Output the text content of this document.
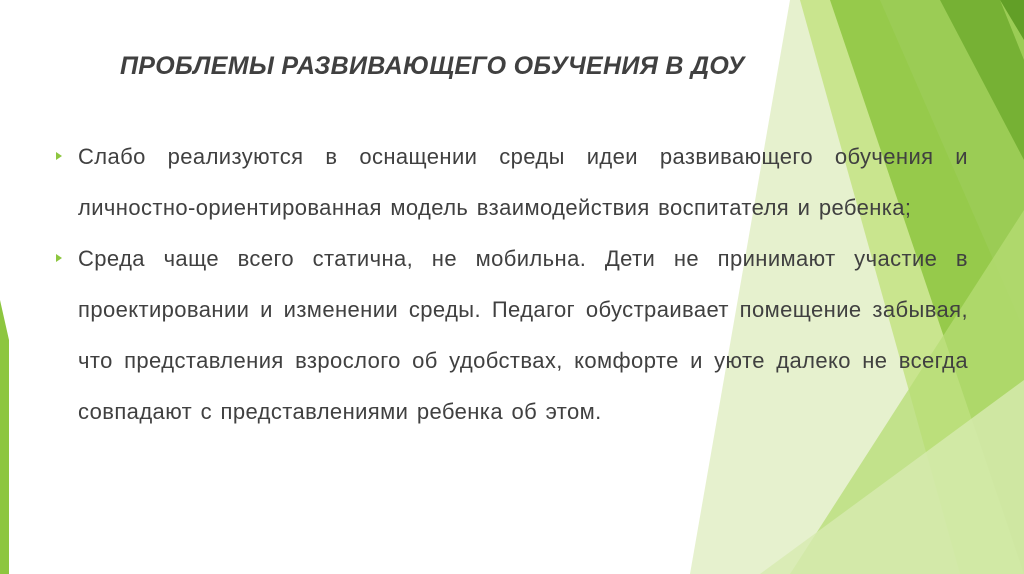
ПРОБЛЕМЫ РАЗВИВАЮЩЕГО ОБУЧЕНИЯ В ДОУ
Слабо реализуются в оснащении среды идеи развивающего обучения и личностно-ориентированная модель взаимодействия воспитателя и ребенка;
Среда чаще всего статична, не мобильна. Дети не принимают участие в проектировании и изменении среды. Педагог обустраивает помещение забывая, что представления взрослого об удобствах, комфорте и уюте далеко не всегда совпадают с представлениями ребенка об этом.
